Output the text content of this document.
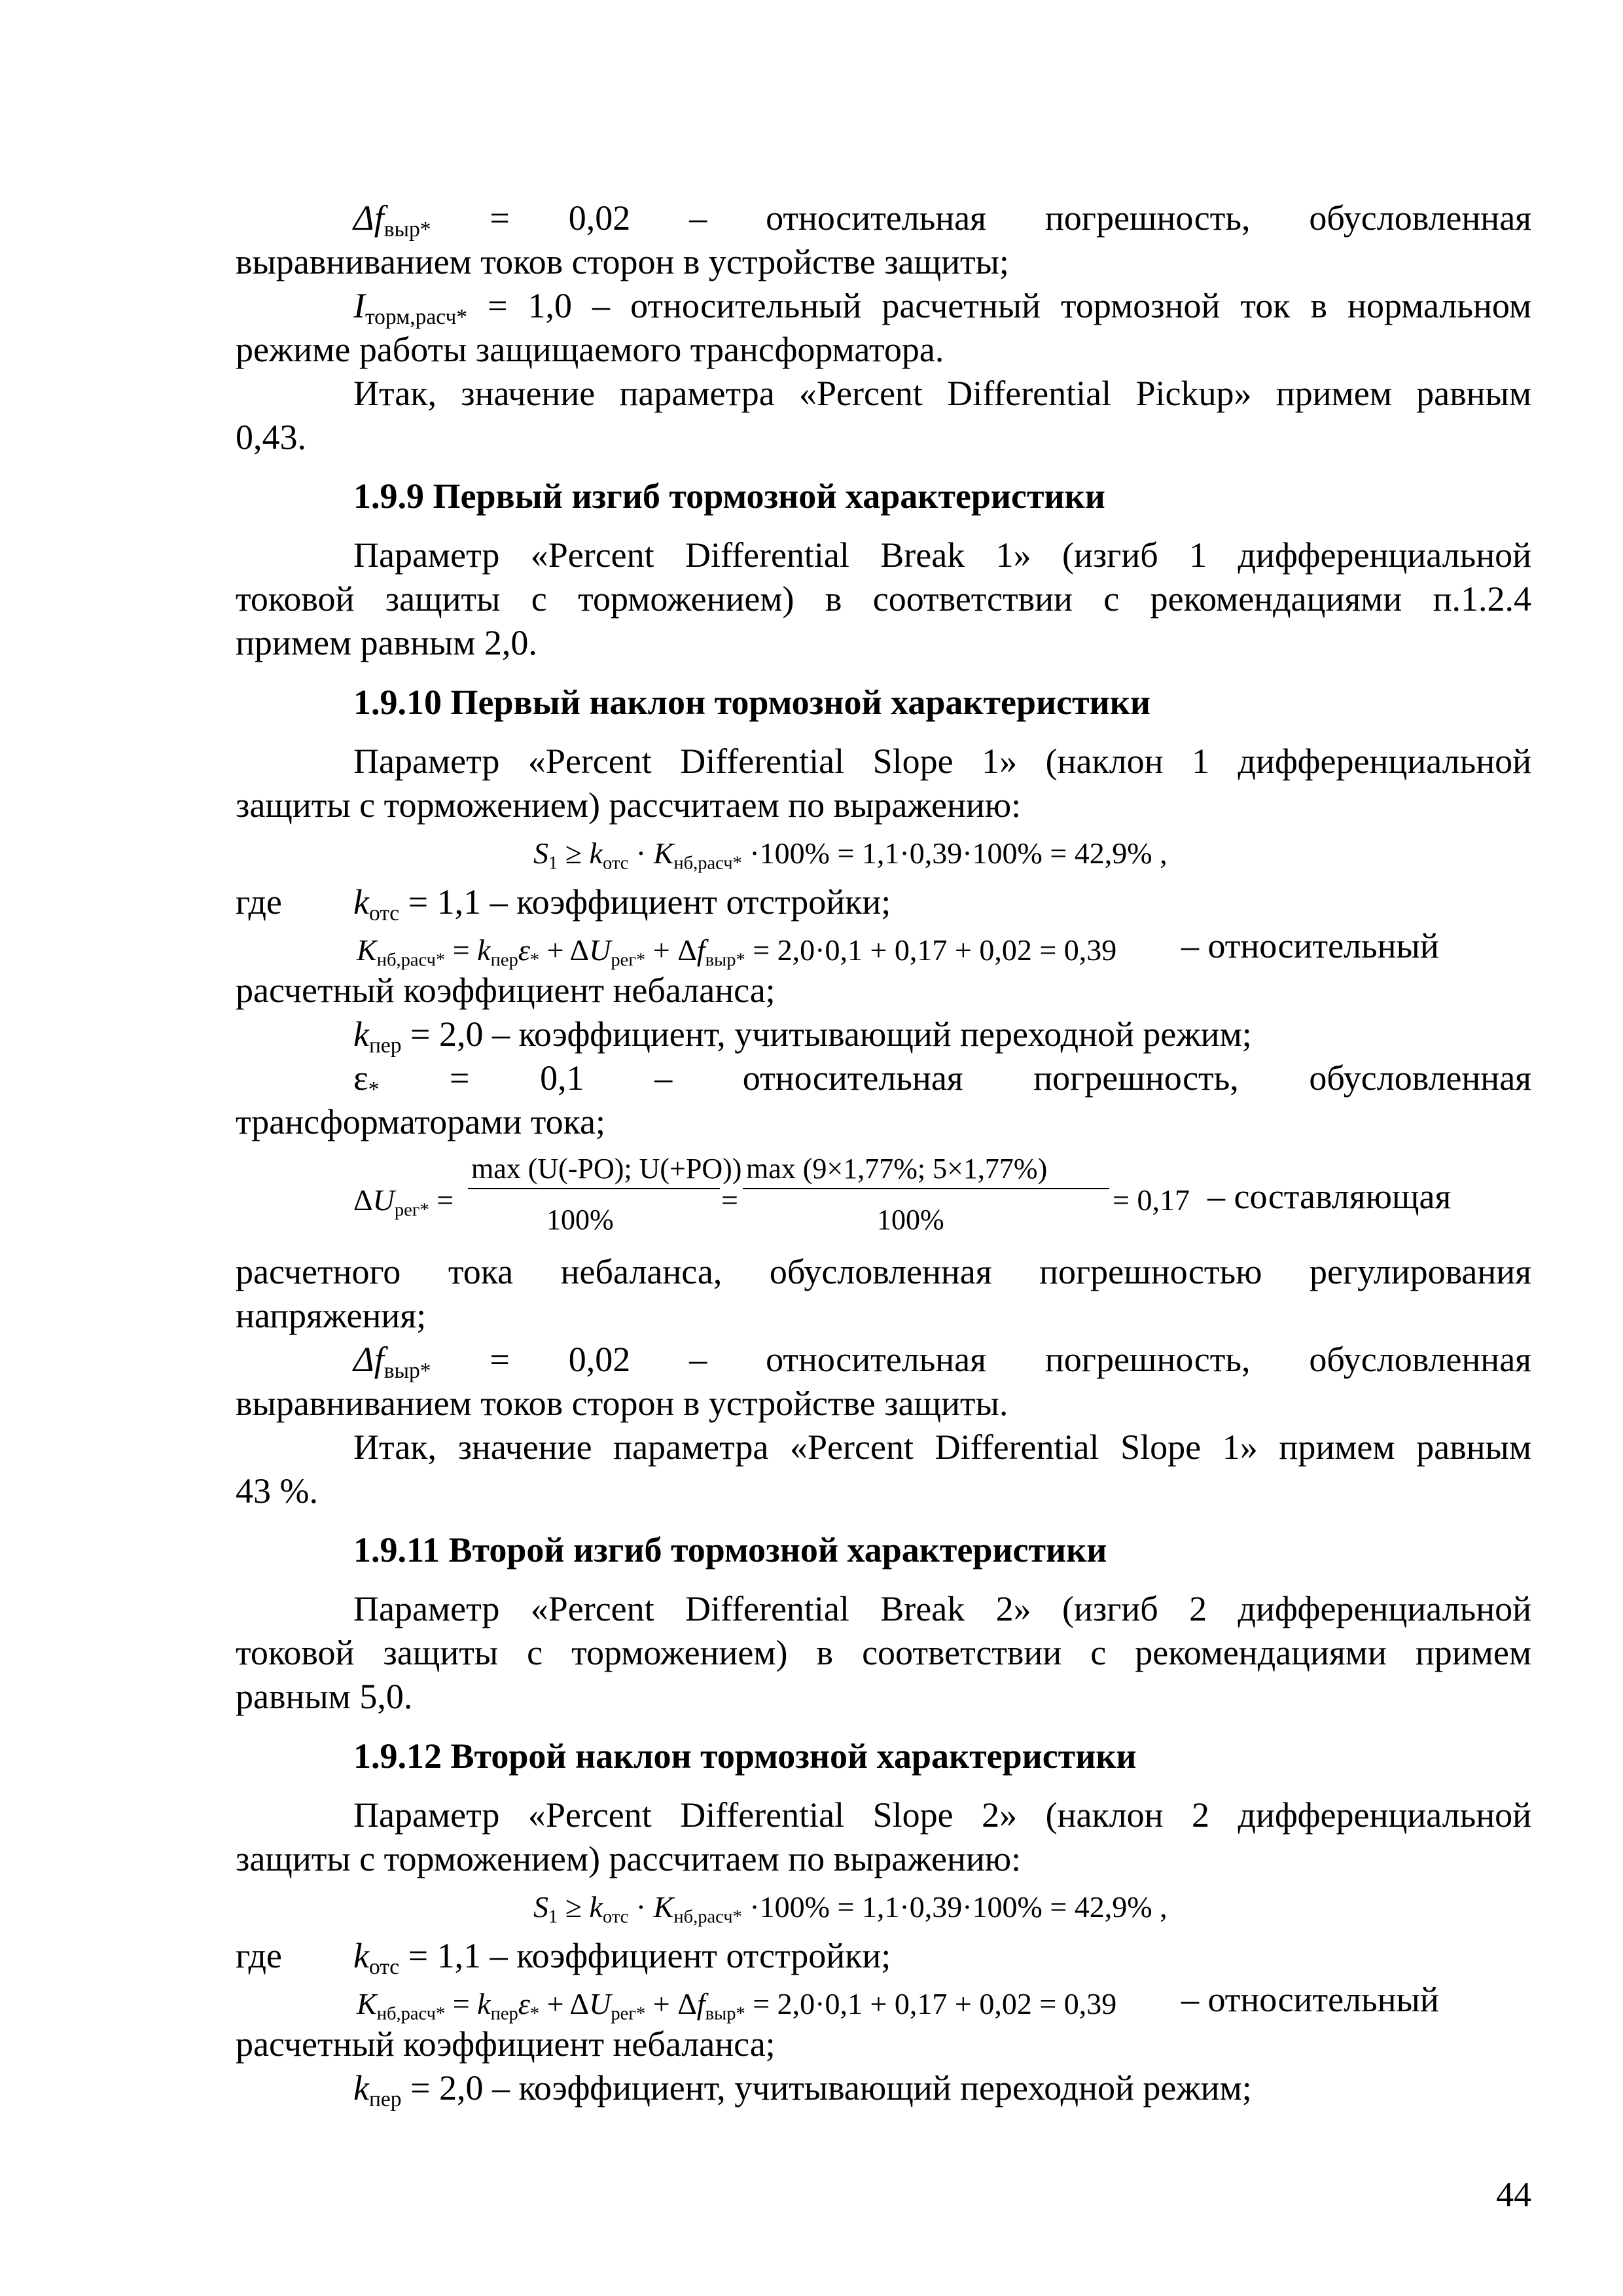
$\Delta f_{выр*} = 0,02$ – относительная погрешность, обусловленная
выравниванием токов сторон в устройстве защиты;
$I_{торм,расч*} = 1,0$ – относительный расчетный тормозной ток в нормальном
режиме работы защищаемого трансформатора.
Итак, значение параметра «Percent Differential Pickup» примем равным
0,43.
1.9.9 Первый изгиб тормозной характеристики
Параметр «Percent Differential Break 1» (изгиб 1 дифференциальной
токовой защиты с торможением) в соответствии с рекомендациями п.1.2.4
примем равным 2,0.
1.9.10 Первый наклон тормозной характеристики
Параметр «Percent Differential Slope 1» (наклон 1 дифференциальной
защиты с торможением) рассчитаем по выражению:
$S_1 \ge k_{отс} \cdot K_{нб,расч*} \cdot 100\% = 1,1\cdot 0,39\cdot 100\% = 42,9\%$ ,
где $k_{отс} = 1,1$ – коэффициент отстройки;
$K_{нб,расч*} = k_{пер}\varepsilon_* + \Delta U_{рег*} + \Delta f_{выр*} = 2,0\cdot 0,1 + 0,17 + 0,02 = 0,39$ – относительный
расчетный коэффициент небаланса;
$k_{пер} = 2,0$ – коэффициент, учитывающий переходной режим;
$\varepsilon_* = 0,1$ – относительная погрешность, обусловленная
трансформаторами тока;
$\Delta U_{рег*}$ =
max (U(-PO); U(+PO))
100%
=
max (9×1,77%; 5×1,77%)
100%
= 0,17 – составляющая
расчетного тока небаланса, обусловленная погрешностью регулирования
напряжения;
$\Delta f_{выр*} = 0,02$ – относительная погрешность, обусловленная
выравниванием токов сторон в устройстве защиты.
Итак, значение параметра «Percent Differential Slope 1» примем равным
43 %.
1.9.11 Второй изгиб тормозной характеристики
Параметр «Percent Differential Break 2» (изгиб 2 дифференциальной
токовой защиты с торможением) в соответствии с рекомендациями примем
равным 5,0.
1.9.12 Второй наклон тормозной характеристики
Параметр «Percent Differential Slope 2» (наклон 2 дифференциальной
защиты с торможением) рассчитаем по выражению:
$S_1 \ge k_{отс} \cdot K_{нб,расч*} \cdot 100\% = 1,1\cdot 0,39\cdot 100\% = 42,9\%$ ,
где $k_{отс} = 1,1$ – коэффициент отстройки;
$K_{нб,расч*} = k_{пер}\varepsilon_* + \Delta U_{рег*} + \Delta f_{выр*} = 2,0\cdot 0,1 + 0,17 + 0,02 = 0,39$ – относительный
расчетный коэффициент небаланса;
$k_{пер} = 2,0$ – коэффициент, учитывающий переходной режим;
44
